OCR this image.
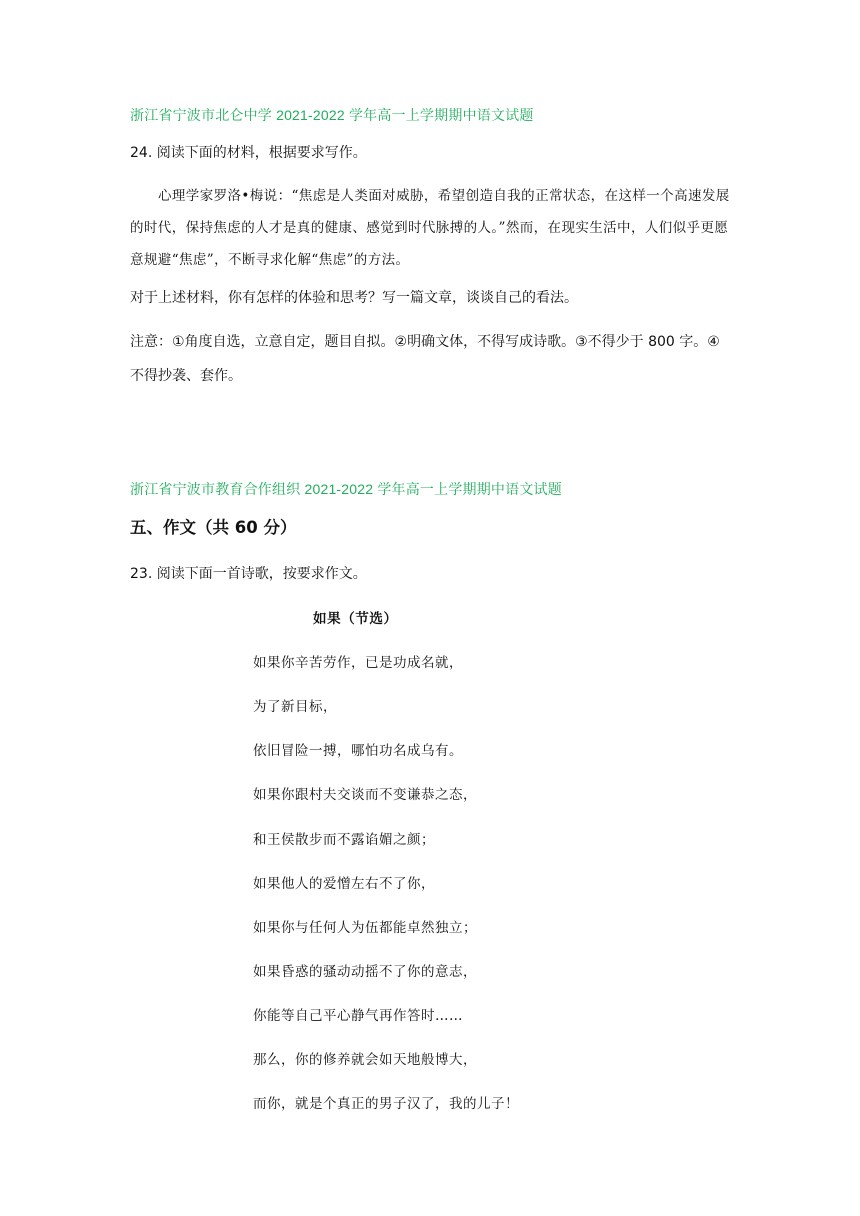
浙江省宁波市北仑中学 2021-2022 学年高一上学期期中语文试题
24. 阅读下面的材料，根据要求写作。
心理学家罗洛•梅说：“焦虑是人类面对威胁，希望创造自我的正常状态，在这样一个高速发展的时代，保持焦虑的人才是真的健康、感觉到时代脉搏的人。”然而，在现实生活中，人们似乎更愿意规避“焦虑”，不断寻求化解“焦虑”的方法。
对于上述材料，你有怎样的体验和思考？写一篇文章，谈谈自己的看法。
注意：①角度自选，立意自定，题目自拟。②明确文体，不得写成诗歌。③不得少于 800 字。④不得抄袭、套作。
浙江省宁波市教育合作组织 2021-2022 学年高一上学期期中语文试题
五、作文（共 60 分）
23. 阅读下面一首诗歌，按要求作文。
如果（节选）
如果你辛苦劳作，已是功成名就，
为了新目标，
依旧冒险一搏，哪怕功名成乌有。
如果你跟村夫交谈而不变谦恭之态，
和王侯散步而不露谄媚之颜；
如果他人的爱憎左右不了你，
如果你与任何人为伍都能卓然独立；
如果昏惑的骚动动摇不了你的意志，
你能等自己平心静气再作答时……
那么，你的修养就会如天地般博大，
而你，就是个真正的男子汉了，我的儿子！
